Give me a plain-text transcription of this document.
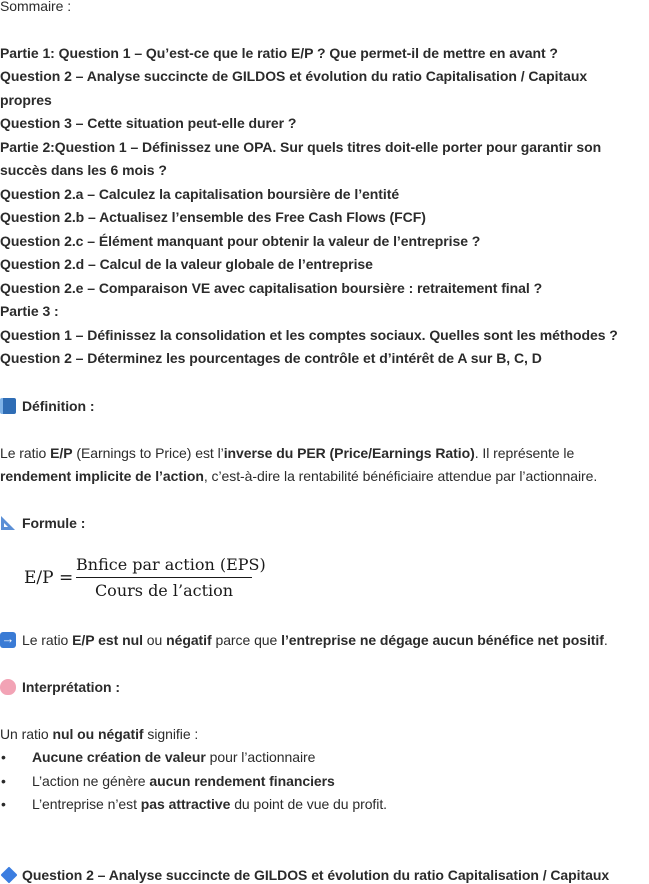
Sommaire :
Partie 1: Question 1 – Qu’est-ce que le ratio E/P ? Que permet-il de mettre en avant ?
Question 2 – Analyse succincte de GILDOS et évolution du ratio Capitalisation / Capitaux
propres
Question 3 – Cette situation peut-elle durer ?
Partie 2:Question 1 – Définissez une OPA. Sur quels titres doit-elle porter pour garantir son
succès dans les 6 mois ?
Question 2.a – Calculez la capitalisation boursière de l’entité
Question 2.b – Actualisez l’ensemble des Free Cash Flows (FCF)
Question 2.c – Élément manquant pour obtenir la valeur de l’entreprise ?
Question 2.d – Calcul de la valeur globale de l’entreprise
Question 2.e – Comparaison VE avec capitalisation boursière : retraitement final ?
Partie 3 :
Question 1 – Définissez la consolidation et les comptes sociaux. Quelles sont les méthodes ?
Question 2 – Déterminez les pourcentages de contrôle et d’intérêt de A sur B, C, D
Définition :
Le ratio E/P (Earnings to Price) est l’inverse du PER (Price/Earnings Ratio). Il représente le
rendement implicite de l’action, c’est-à-dire la rentabilité bénéficiaire attendue par l’actionnaire.
Formule :
E/P =
Bnfice par action (EPS)
Cours de l’action
→ Le ratio E/P est nul ou négatif parce que l’entreprise ne dégage aucun bénéfice net positif.
Interprétation :
Un ratio nul ou négatif signifie :
• Aucune création de valeur pour l’actionnaire
• L’action ne génère aucun rendement financiers
• L’entreprise n’est pas attractive du point de vue du profit.
Question 2 – Analyse succincte de GILDOS et évolution du ratio Capitalisation / Capitaux
